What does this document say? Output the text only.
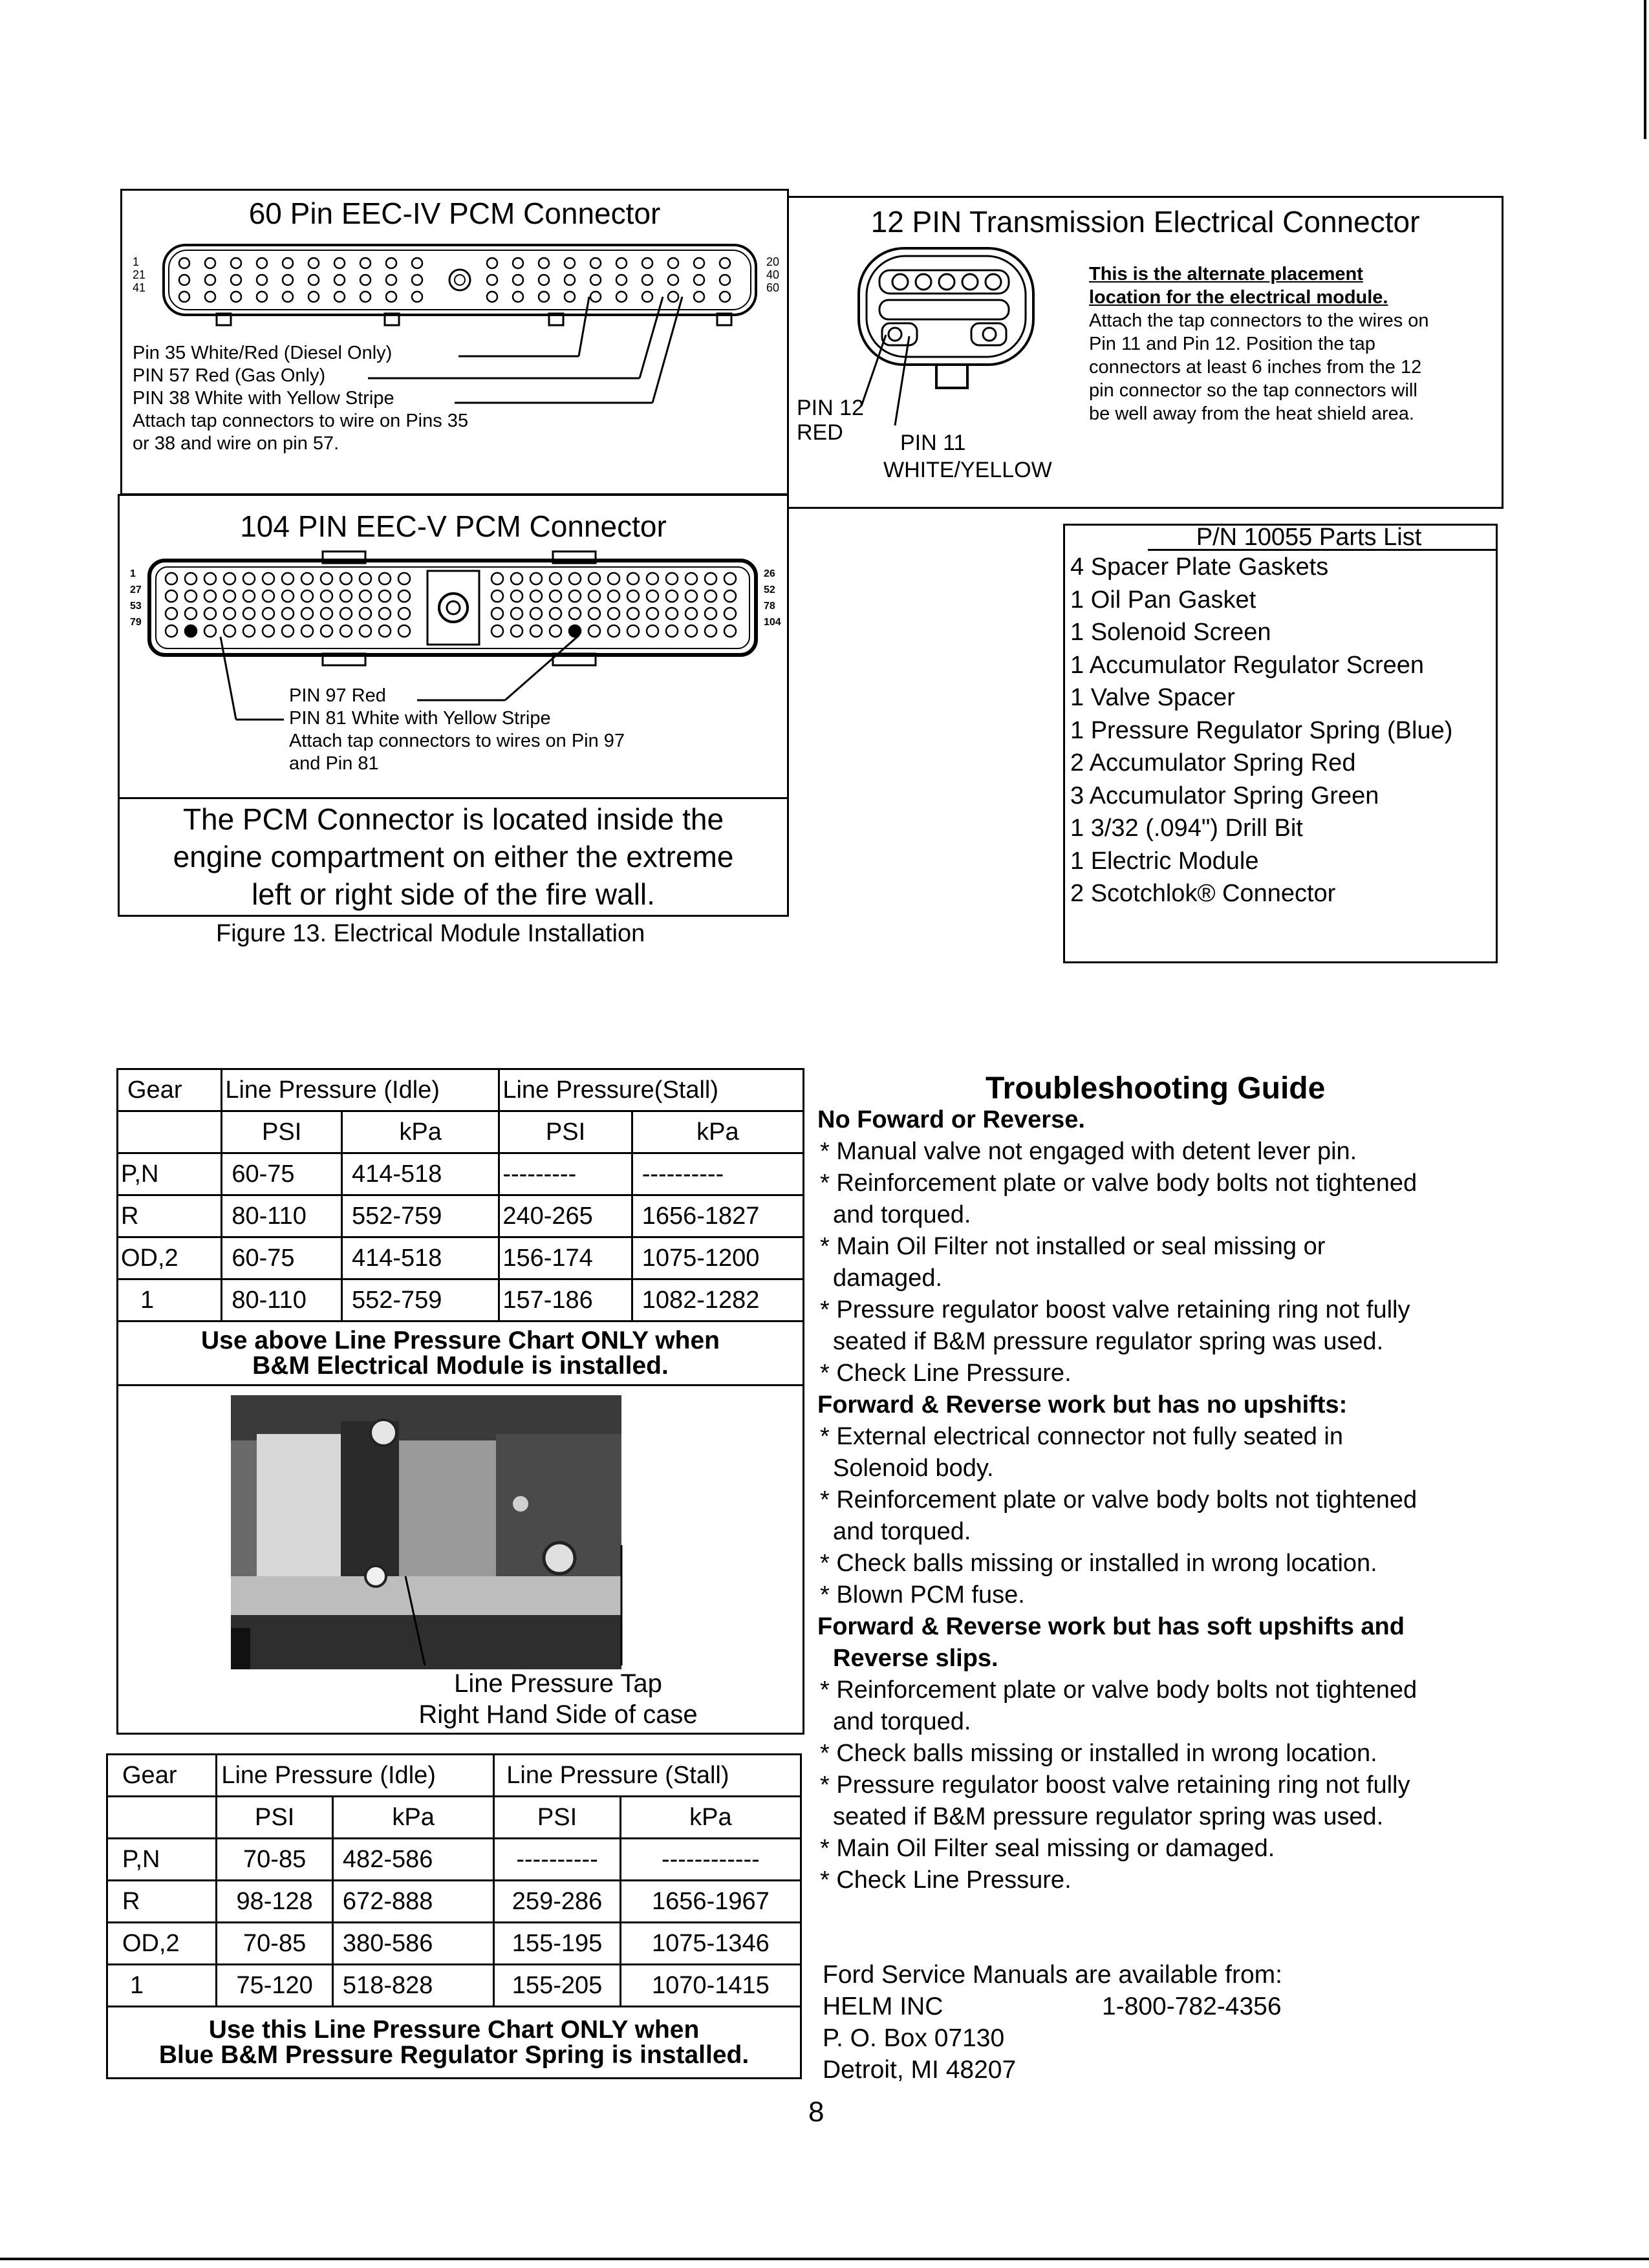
60 Pin EEC-IV PCM Connector
1
21
41
20
40
60
Pin 35 White/Red (Diesel Only)
PIN 57 Red (Gas Only)
PIN 38 White with Yellow Stripe
Attach tap connectors to wire on Pins 35
or 38 and wire on pin 57.
12 PIN Transmission Electrical Connector
This is the alternate placement
location for the electrical module.
Attach the tap connectors to the wires on
Pin 11 and Pin 12. Position the tap
connectors at least 6 inches from the 12
pin connector so the tap connectors will
be well away from the heat shield area.
PIN 12
RED	PIN 11
WHITE/YELLOW
104 PIN EEC-V PCM Connector
1
27
53
79
26
52
78
104
PIN 97 Red
PIN 81 White with Yellow Stripe
Attach tap connectors to wires on Pin 97
and Pin 81
The PCM Connector is located inside the
engine compartment on either the extreme
left or right side of the fire wall.
Figure 13. Electrical Module Installation
P/N 10055 Parts List
4 Spacer Plate Gaskets
1 Oil Pan Gasket
1 Solenoid Screen
1 Accumulator Regulator Screen
1 Valve Spacer
1 Pressure Regulator Spring (Blue)
2 Accumulator Spring Red
3 Accumulator Spring Green
1 3/32 (.094") Drill Bit
1 Electric Module
2 Scotchlok® Connector
Gear	Line Pressure (Idle)		Line Pressure(Stall)	
	PSI	kPa	PSI	kPa
P,N	60-75	414-518	---------	----------
R	80-110	552-759	240-265	1656-1827
OD,2	60-75	414-518	156-174	1075-1200
1	80-110	552-759	157-186	1082-1282

Use above Line Pressure Chart ONLY when
B&M Electrical Module is installed.				

Line Pressure Tap
Right Hand Side of case				
Gear	Line Pressure (Idle)		Line Pressure (Stall)	
	PSI	kPa	PSI	kPa
P,N	70-85	482-586	----------	------------
R	98-128	672-888	259-286	1656-1967
OD,2	70-85	380-586	155-195	1075-1346
1	75-120	518-828	155-205	1070-1415

Use this Line Pressure Chart ONLY when
Blue B&M Pressure Regulator Spring is installed.				
Troubleshooting Guide
No Foward or Reverse.
* Manual valve not engaged with detent lever pin.
* Reinforcement plate or valve body bolts not tightened
and torqued.
* Main Oil Filter not installed or seal missing or
damaged.
* Pressure regulator boost valve retaining ring not fully
seated if B&M pressure regulator spring was used.
* Check Line Pressure.
Forward & Reverse work but has no upshifts:
* External electrical connector not fully seated in
Solenoid body.
* Reinforcement plate or valve body bolts not tightened
and torqued.
* Check balls missing or installed in wrong location.
* Blown PCM fuse.
Forward & Reverse work but has soft upshifts and
Reverse slips.
* Reinforcement plate or valve body bolts not tightened
and torqued.
* Check balls missing or installed in wrong location.
* Pressure regulator boost valve retaining ring not fully
seated if B&M pressure regulator spring was used.
* Main Oil Filter seal missing or damaged.
* Check Line Pressure.
Ford Service Manuals are available from:
HELM INC	1-800-782-4356
P. O. Box 07130
Detroit, MI 48207
8
